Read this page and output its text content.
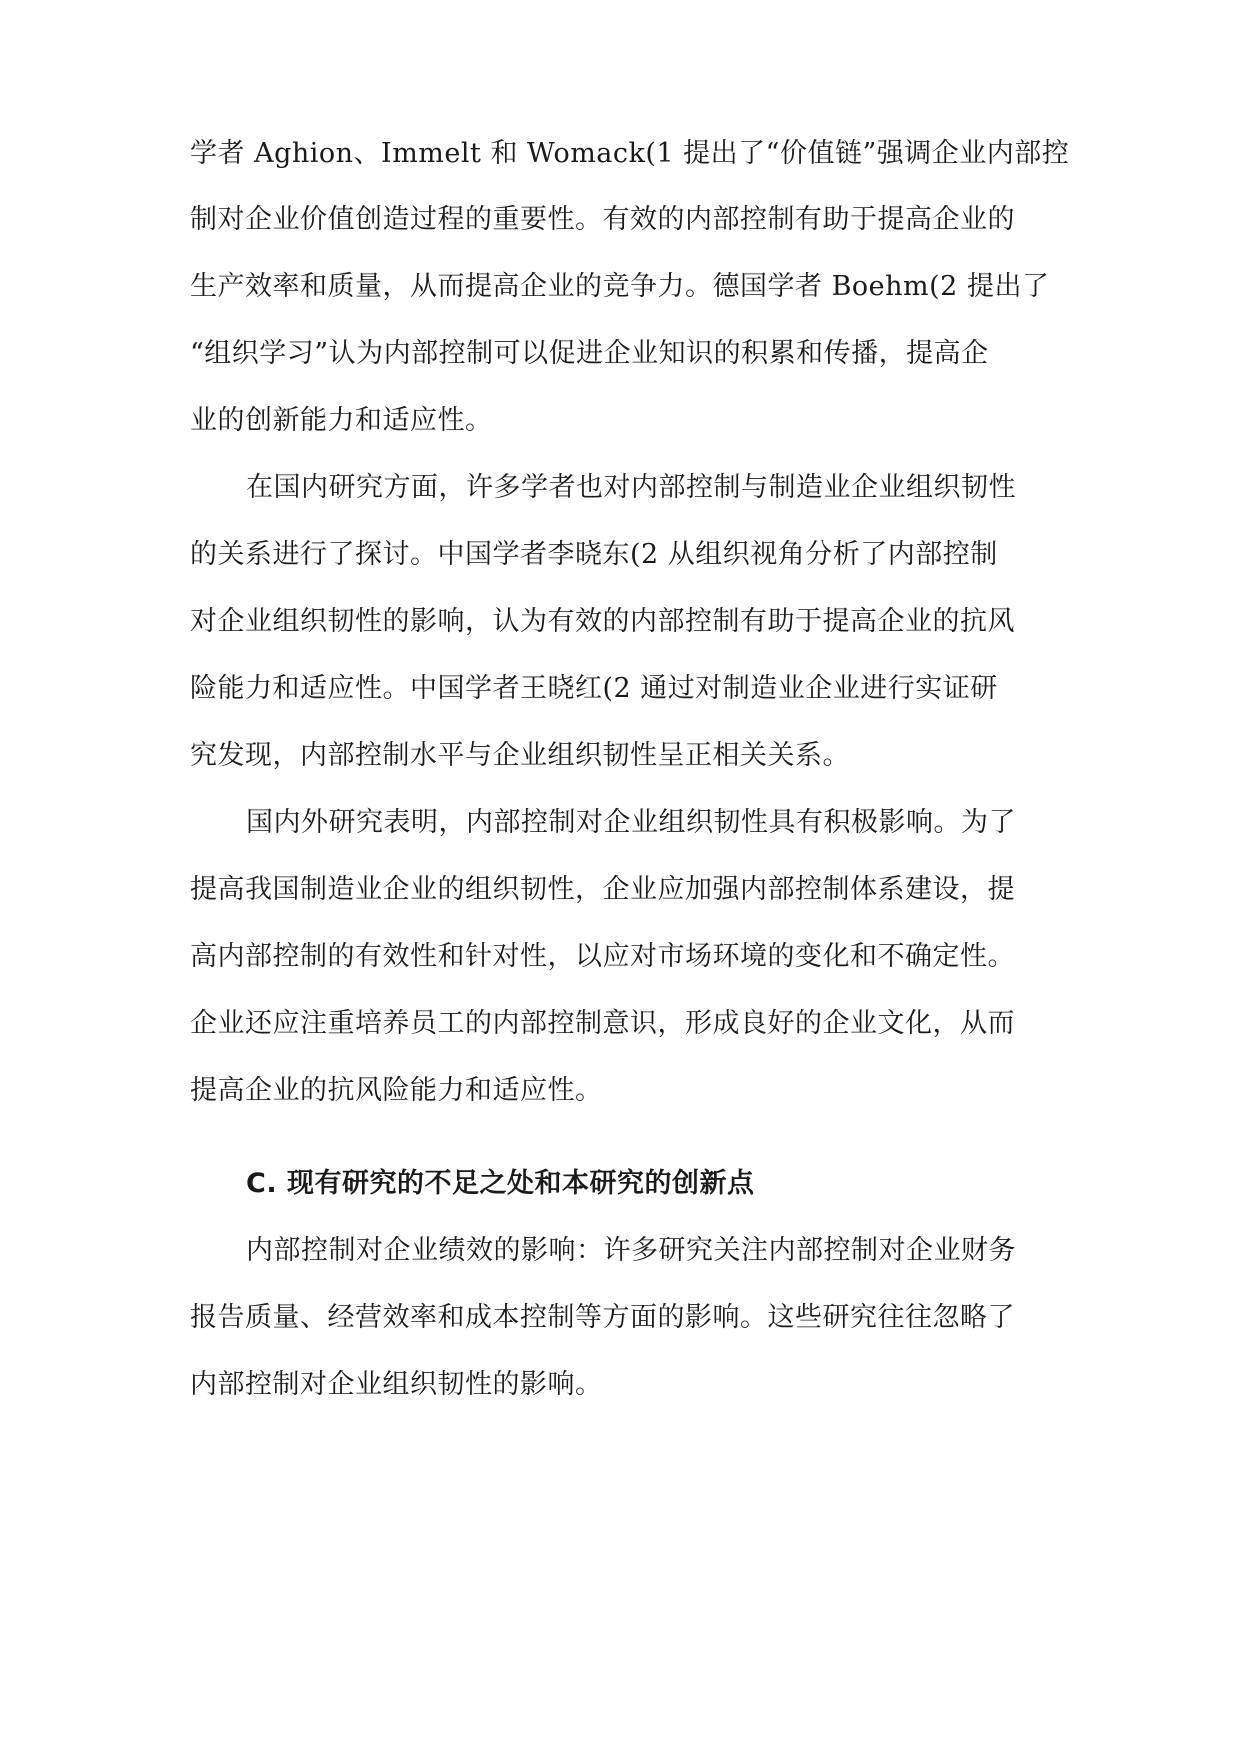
学者 Aghion、Immelt 和 Womack(1 提出了“价值链”强调企业内部控
制对企业价值创造过程的重要性。有效的内部控制有助于提高企业的
生产效率和质量，从而提高企业的竞争力。德国学者 Boehm(2 提出了
“组织学习”认为内部控制可以促进企业知识的积累和传播，提高企
业的创新能力和适应性。
在国内研究方面，许多学者也对内部控制与制造业企业组织韧性
的关系进行了探讨。中国学者李晓东(2 从组织视角分析了内部控制
对企业组织韧性的影响，认为有效的内部控制有助于提高企业的抗风
险能力和适应性。中国学者王晓红(2 通过对制造业企业进行实证研
究发现，内部控制水平与企业组织韧性呈正相关关系。
国内外研究表明，内部控制对企业组织韧性具有积极影响。为了
提高我国制造业企业的组织韧性，企业应加强内部控制体系建设，提
高内部控制的有效性和针对性，以应对市场环境的变化和不确定性。
企业还应注重培养员工的内部控制意识，形成良好的企业文化，从而
提高企业的抗风险能力和适应性。
C. 现有研究的不足之处和本研究的创新点
内部控制对企业绩效的影响：许多研究关注内部控制对企业财务
报告质量、经营效率和成本控制等方面的影响。这些研究往往忽略了
内部控制对企业组织韧性的影响。
